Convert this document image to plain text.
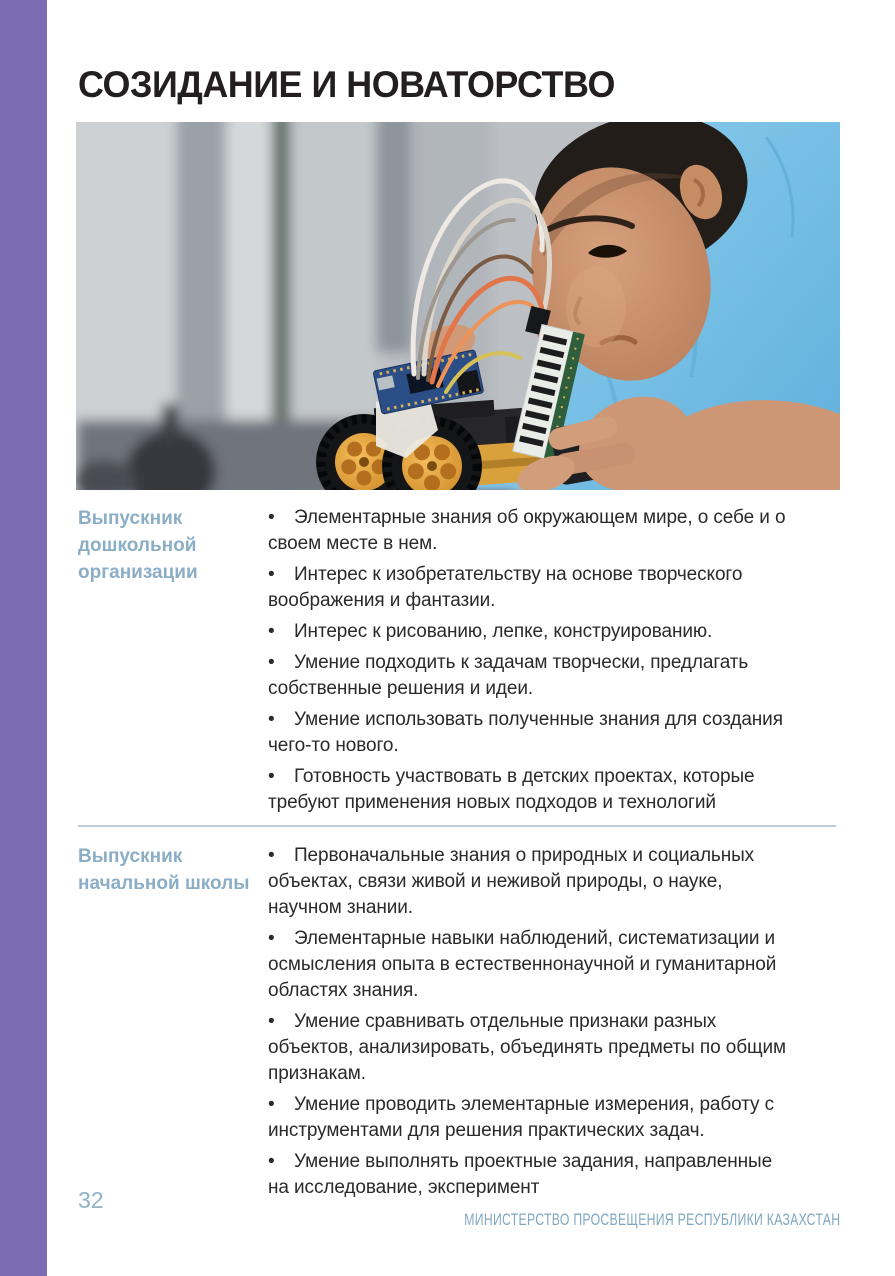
СОЗИДАНИЕ И НОВАТОРСТВО
Выпускник
дошкольной
организации

• Элементарные знания об окружающем мире, о себе и о своем месте в нем.

• Интерес к изобретательству на основе творческого воображения и фантазии.

• Интерес к рисованию, лепке, конструированию.

• Умение подходить к задачам творчески, предлагать собственные решения и идеи.

• Умение использовать полученные знания для создания чего-то нового.

• Готовность участвовать в детских проектах, которые требуют применения новых подходов и технологий

Выпускник
начальной школы

• Первоначальные знания о природных и социальных объектах, связи живой и неживой природы, о науке, научном знании.

• Элементарные навыки наблюдений, систематизации и осмысления опыта в естественнонаучной и гуманитарной областях знания.

• Умение сравнивать отдельные признаки разных объектов, анализировать, объединять предметы по общим признакам.

• Умение проводить элементарные измерения, работу с инструментами для решения практических задач.

• Умение выполнять проектные задания, направленные на исследование, эксперимент

32
МИНИСТЕРСТВО ПРОСВЕЩЕНИЯ РЕСПУБЛИКИ КАЗАХСТАН
